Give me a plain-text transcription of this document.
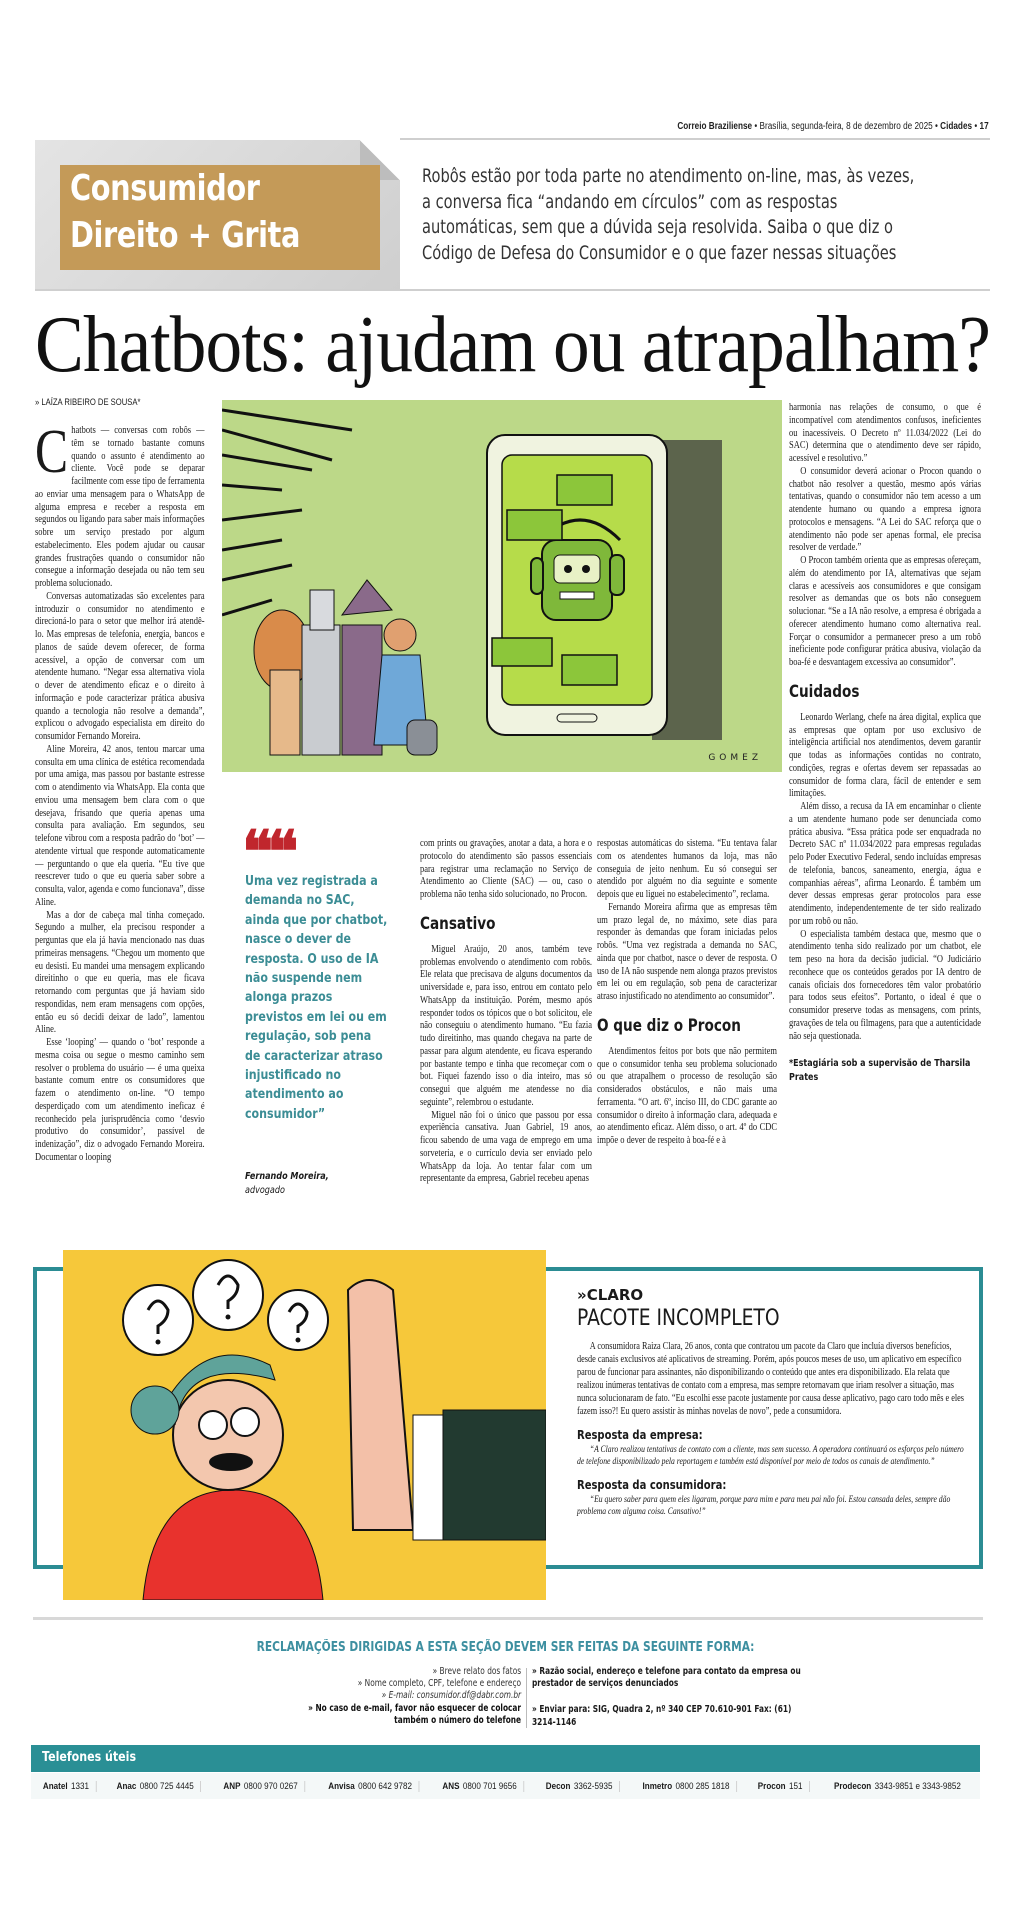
Correio Braziliense • Brasília, segunda-feira, 8 de dezembro de 2025 • Cidades • 17
Consumidor
Direito + Grita
Robôs estão por toda parte no atendimento on-line, mas, às vezes, a conversa fica “andando em círculos” com as respostas automáticas, sem que a dúvida seja resolvida. Saiba o que diz o Código de Defesa do Consumidor e o que fazer nessas situações
Chatbots: ajudam ou atrapalham?
» LAÍZA RIBEIRO DE SOUSA*
GOMEZ

Chatbots — conversas com robôs — têm se tornado bastante comuns quando o assunto é atendimento ao cliente. Você pode se deparar facilmente com esse tipo de ferramenta ao enviar uma mensagem para o WhatsApp de alguma empresa e receber a resposta em segundos ou ligando para saber mais informações sobre um serviço prestado por algum estabelecimento. Eles podem ajudar ou causar grandes frustrações quando o consumidor não consegue a informação desejada ou não tem seu problema solucionado.

Conversas automatizadas são excelentes para introduzir o consumidor no atendimento e direcioná-lo para o setor que melhor irá atendê-lo. Mas empresas de telefonia, energia, bancos e planos de saúde devem oferecer, de forma acessível, a opção de conversar com um atendente humano. “Negar essa alternativa viola o dever de atendimento eficaz e o direito à informação e pode caracterizar prática abusiva quando a tecnologia não resolve a demanda”, explicou o advogado especialista em direito do consumidor Fernando Moreira.

Aline Moreira, 42 anos, tentou marcar uma consulta em uma clínica de estética recomendada por uma amiga, mas passou por bastante estresse com o atendimento via WhatsApp. Ela conta que enviou uma mensagem bem clara com o que desejava, frisando que queria apenas uma consulta para avaliação. Em segundos, seu telefone vibrou com a resposta padrão do ‘bot’ — atendente virtual que responde automaticamente — perguntando o que ela queria. “Eu tive que reescrever tudo o que eu queria saber sobre a consulta, valor, agenda e como funcionava”, disse Aline.

Mas a dor de cabeça mal tinha começado. Segundo a mulher, ela precisou responder a perguntas que ela já havia mencionado nas duas primeiras mensagens. “Chegou um momento que eu desisti. Eu mandei uma mensagem explicando direitinho o que eu queria, mas ele ficava retornando com perguntas que já haviam sido respondidas, nem eram mensagens com opções, então eu só decidi deixar de lado”, lamentou Aline.

Esse ‘looping’ — quando o ‘bot’ responde a mesma coisa ou segue o mesmo caminho sem resolver o problema do usuário — é uma queixa bastante comum entre os consumidores que fazem o atendimento on-line. “O tempo desperdiçado com um atendimento ineficaz é reconhecido pela jurisprudência como ‘desvio produtivo do consumidor’, passível de indenização”, diz o advogado Fernando Moreira. Documentar o looping

❝❝
Uma vez registrada a demanda no SAC, ainda que por chatbot, nasce o dever de resposta. O uso de IA não suspende nem alonga prazos previstos em lei ou em regulação, sob pena de caracterizar atraso injustificado no atendimento ao consumidor”
Fernando Moreira,
advogado

com prints ou gravações, anotar a data, a hora e o protocolo do atendimento são passos essenciais para registrar uma reclamação no Serviço de Atendimento ao Cliente (SAC) — ou, caso o problema não tenha sido solucionado, no Procon.

Cansativo

Miguel Araújo, 20 anos, também teve problemas envolvendo o atendimento com robôs. Ele relata que precisava de alguns documentos da universidade e, para isso, entrou em contato pelo WhatsApp da instituição. Porém, mesmo após responder todos os tópicos que o bot solicitou, ele não conseguiu o atendimento humano. “Eu fazia tudo direitinho, mas quando chegava na parte de passar para algum atendente, eu ficava esperando por bastante tempo e tinha que recomeçar com o bot. Fiquei fazendo isso o dia inteiro, mas só consegui que alguém me atendesse no dia seguinte”, relembrou o estudante.

Miguel não foi o único que passou por essa experiência cansativa. Juan Gabriel, 19 anos, ficou sabendo de uma vaga de emprego em uma sorveteria, e o currículo devia ser enviado pelo WhatsApp da loja. Ao tentar falar com um representante da empresa, Gabriel recebeu apenas

respostas automáticas do sistema. “Eu tentava falar com os atendentes humanos da loja, mas não conseguia de jeito nenhum. Eu só consegui ser atendido por alguém no dia seguinte e somente depois que eu liguei no estabelecimento”, reclama.

Fernando Moreira afirma que as empresas têm um prazo legal de, no máximo, sete dias para responder às demandas que foram iniciadas pelos robôs. “Uma vez registrada a demanda no SAC, ainda que por chatbot, nasce o dever de resposta. O uso de IA não suspende nem alonga prazos previstos em lei ou em regulação, sob pena de caracterizar atraso injustificado no atendimento ao consumidor”.

O que diz o Procon

Atendimentos feitos por bots que não permitem que o consumidor tenha seu problema solucionado ou que atrapalhem o processo de resolução são considerados obstáculos, e não mais uma ferramenta. “O art. 6º, inciso III, do CDC garante ao consumidor o direito à informação clara, adequada e ao atendimento eficaz. Além disso, o art. 4º do CDC impõe o dever de respeito à boa-fé e à

harmonia nas relações de consumo, o que é incompatível com atendimentos confusos, ineficientes ou inacessíveis. O Decreto nº 11.034/2022 (Lei do SAC) determina que o atendimento deve ser rápido, acessível e resolutivo.”

O consumidor deverá acionar o Procon quando o chatbot não resolver a questão, mesmo após várias tentativas, quando o consumidor não tem acesso a um atendente humano ou quando a empresa ignora protocolos e mensagens. “A Lei do SAC reforça que o atendimento não pode ser apenas formal, ele precisa resolver de verdade.”

O Procon também orienta que as empresas ofereçam, além do atendimento por IA, alternativas que sejam claras e acessíveis aos consumidores e que consigam resolver as demandas que os bots não conseguem solucionar. “Se a IA não resolve, a empresa é obrigada a oferecer atendimento humano como alternativa real. Forçar o consumidor a permanecer preso a um robô ineficiente pode configurar prática abusiva, violação da boa-fé e desvantagem excessiva ao consumidor”.

Cuidados

Leonardo Werlang, chefe na área digital, explica que as empresas que optam por uso exclusivo de inteligência artificial nos atendimentos, devem garantir que todas as informações contidas no contrato, condições, regras e ofertas devem ser repassadas ao consumidor de forma clara, fácil de entender e sem limitações.

Além disso, a recusa da IA em encaminhar o cliente a um atendente humano pode ser denunciada como prática abusiva. “Essa prática pode ser enquadrada no Decreto SAC nº 11.034/2022 para empresas reguladas pelo Poder Executivo Federal, sendo incluídas empresas de telefonia, bancos, saneamento, energia, água e companhias aéreas”, afirma Leonardo. É também um dever dessas empresas gerar protocolos para esse atendimento, independentemente de ter sido realizado por um robô ou não.

O especialista também destaca que, mesmo que o atendimento tenha sido realizado por um chatbot, ele tem peso na hora da decisão judicial. “O Judiciário reconhece que os conteúdos gerados por IA dentro de canais oficiais dos fornecedores têm valor probatório para todos seus efeitos”. Portanto, o ideal é que o consumidor preserve todas as mensagens, com prints, gravações de tela ou filmagens, para que a autenticidade não seja questionada.

*Estagiária sob a supervisão de Tharsila Prates

»CLARO
PACOTE INCOMPLETO

A consumidora Raiza Clara, 26 anos, conta que contratou um pacote da Claro que incluía diversos benefícios, desde canais exclusivos até aplicativos de streaming. Porém, após poucos meses de uso, um aplicativo em específico parou de funcionar para assinantes, não disponibilizando o conteúdo que antes era disponibilizado. Ela relata que realizou inúmeras tentativas de contato com a empresa, mas sempre retornavam que iriam resolver a situação, mas nunca solucionaram de fato. “Eu escolhi esse pacote justamente por causa desse aplicativo, pago caro todo mês e eles fazem isso?! Eu quero assistir às minhas novelas de novo”, pede a consumidora.

Resposta da empresa:

“A Claro realizou tentativas de contato com a cliente, mas sem sucesso. A operadora continuará os esforços pelo número de telefone disponibilizado pela reportagem e também está disponível por meio de todos os canais de atendimento.”

Resposta da consumidora:

“Eu quero saber para quem eles ligaram, porque para mim e para meu pai não foi. Estou cansada deles, sempre dão problema com alguma coisa. Cansativo!”

RECLAMAÇÕES DIRIGIDAS A ESTA SEÇÃO DEVEM SER FEITAS DA SEGUINTE FORMA:
» Breve relato dos fatos
» Nome completo, CPF, telefone e endereço
» E-mail: consumidor.df@dabr.com.br
» No caso de e-mail, favor não esquecer de colocar
também o número do telefone
» Razão social, endereço e telefone para contato da empresa ou
prestador de serviços denunciados
» Enviar para: SIG, Quadra 2, nº 340 CEP 70.610-901 Fax: (61)
3214-1146
Telefones úteis
Anatel 1331	Anac 0800 725 4445	ANP 0800 970 0267	Anvisa 0800 642 9782	ANS 0800 701 9656	Decon 3362-5935	Inmetro 0800 285 1818	Procon 151	Prodecon 3343-9851 e 3343-9852
